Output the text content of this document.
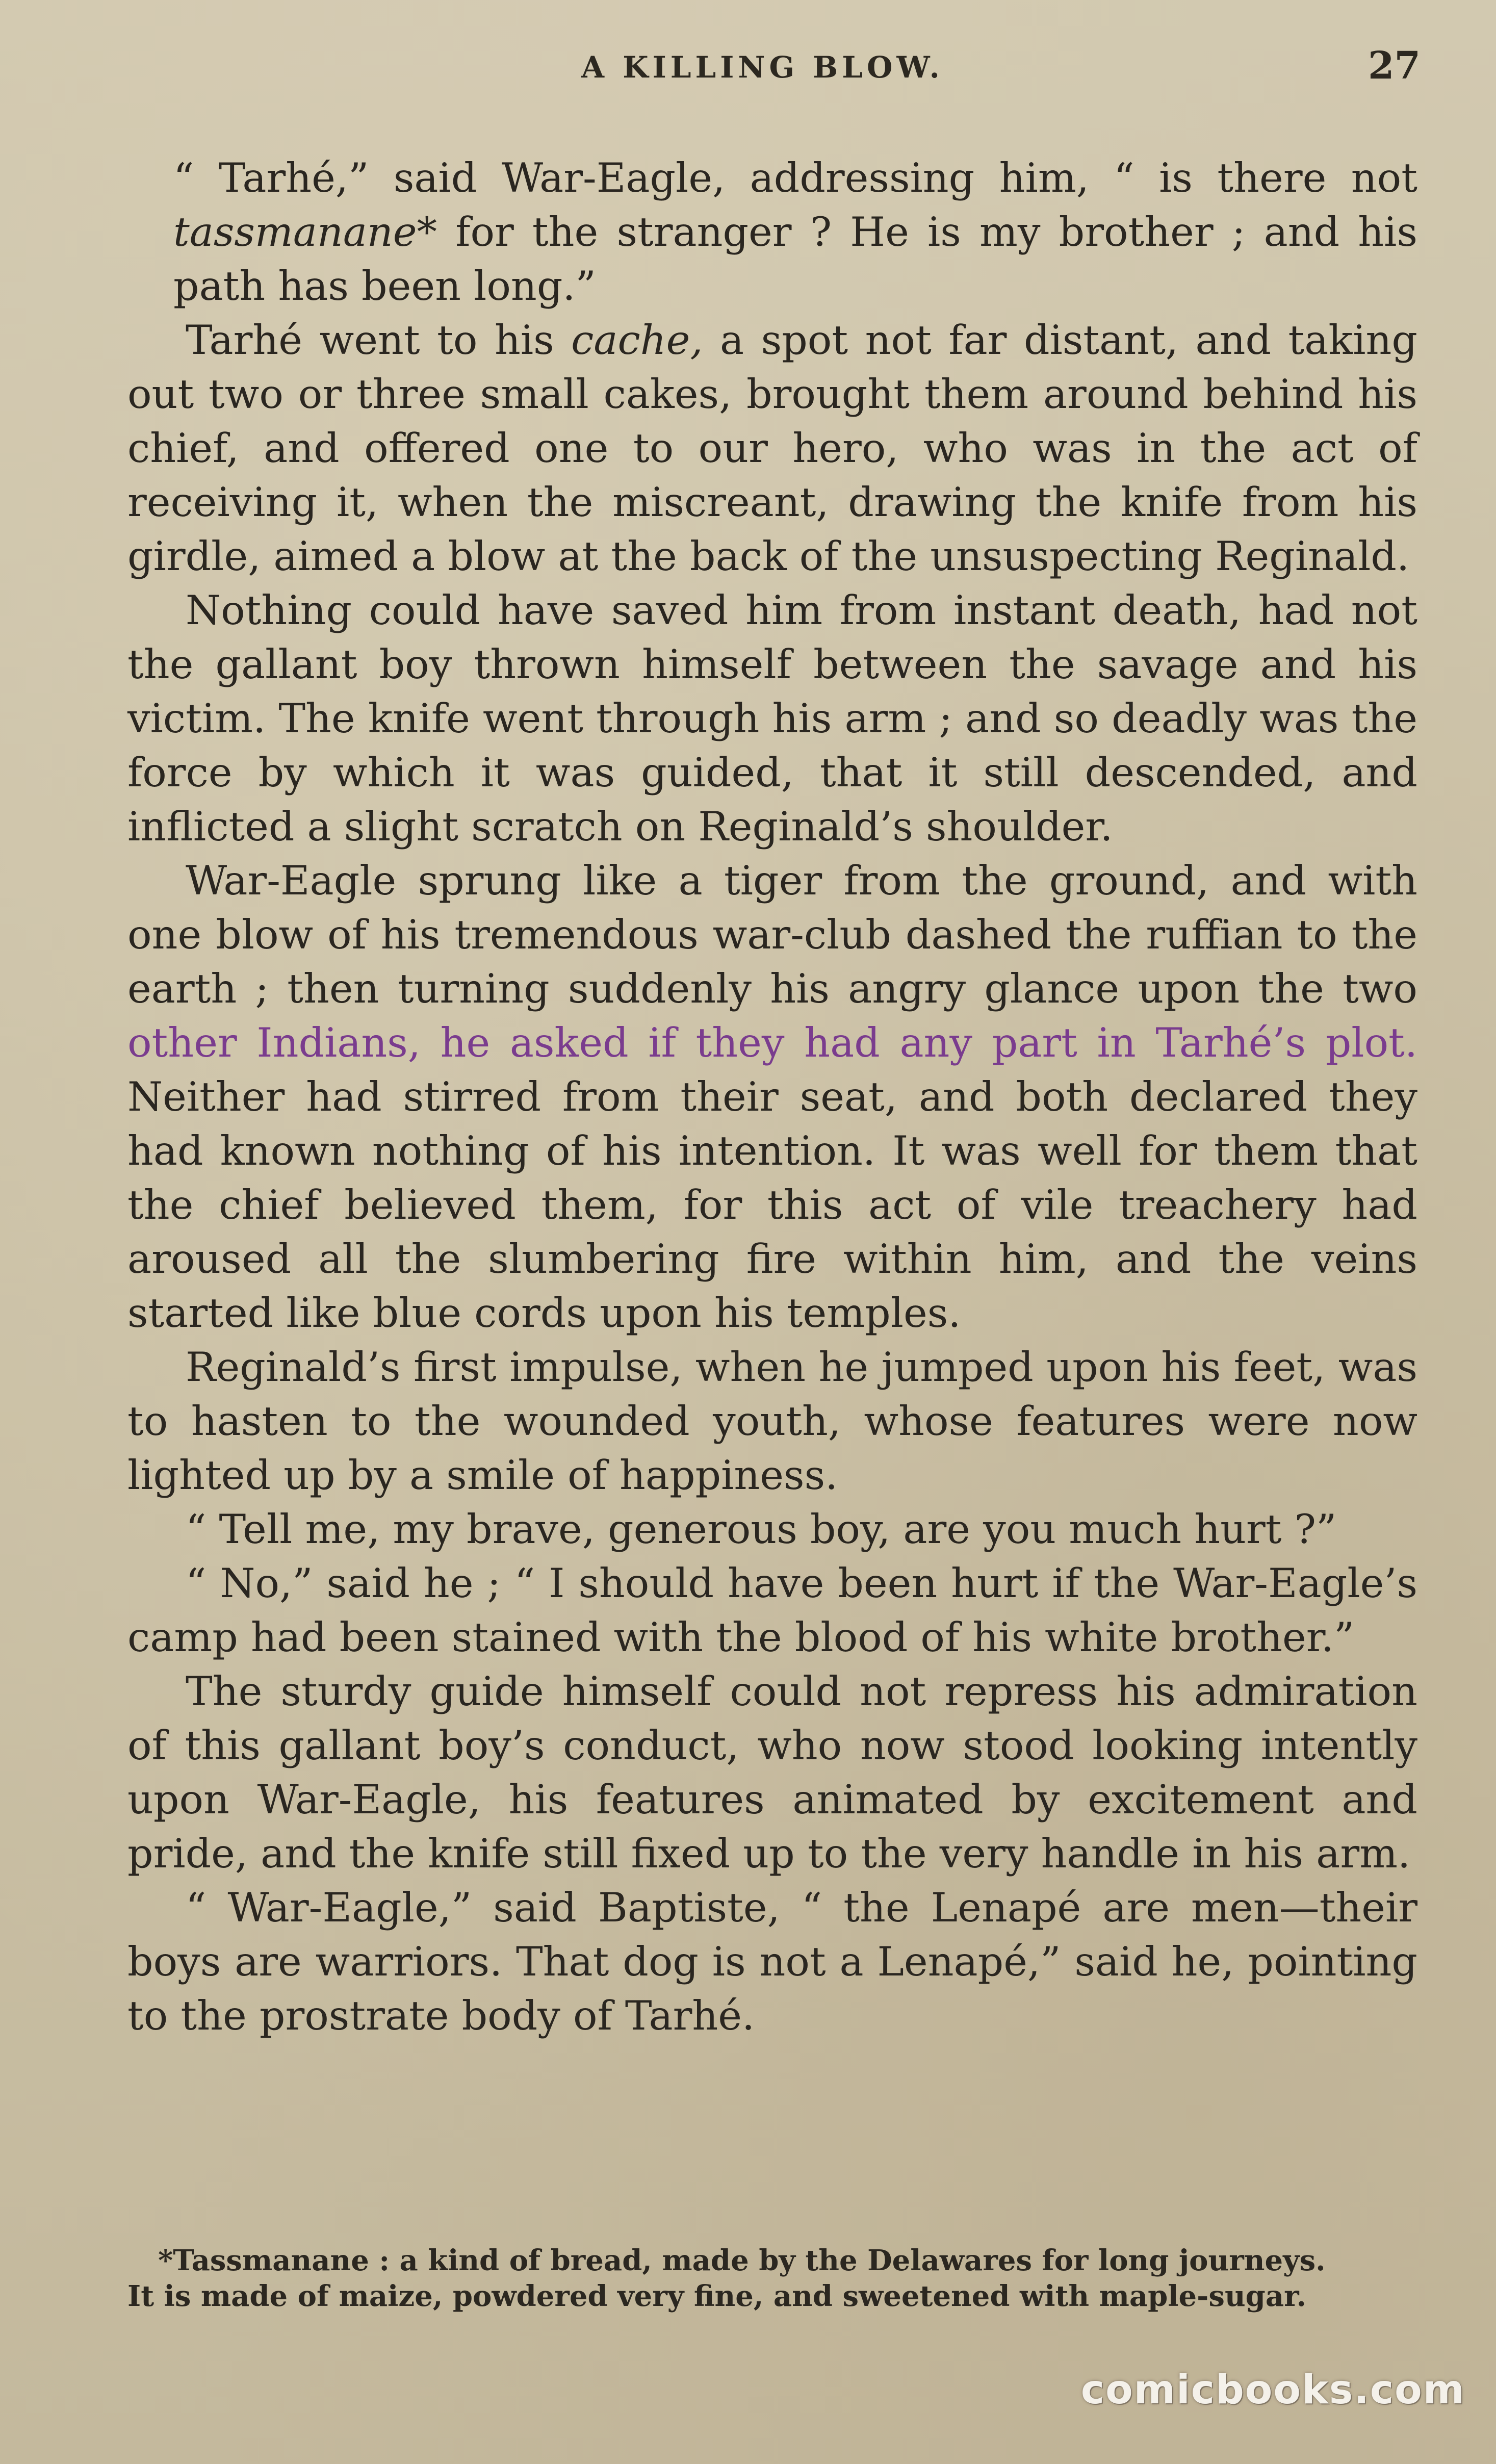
A KILLING BLOW.	27

“ Tarhé,” said War-Eagle, addressing him, “ is there not tassmanane* for the stranger ? He is my brother ; and his path has been long.”

Tarhé went to his cache, a spot not far distant, and taking out two or three small cakes, brought them around behind his chief, and offered one to our hero, who was in the act of receiving it, when the miscreant, drawing the knife from his girdle, aimed a blow at the back of the unsuspecting Reginald.

Nothing could have saved him from instant death, had not the gallant boy thrown himself between the savage and his victim. The knife went through his arm ; and so deadly was the force by which it was guided, that it still descended, and inflicted a slight scratch on Reginald’s shoulder.

War-Eagle sprung like a tiger from the ground, and with one blow of his tremendous war-club dashed the ruffian to the earth ; then turning suddenly his angry glance upon the two other Indians, he asked if they had any part in Tarhé’s plot. Neither had stirred from their seat, and both declared they had known nothing of his intention. It was well for them that the chief believed them, for this act of vile treachery had aroused all the slumbering fire within him, and the veins started like blue cords upon his temples.

Reginald’s first impulse, when he jumped upon his feet, was to hasten to the wounded youth, whose features were now lighted up by a smile of happiness.

“ Tell me, my brave, generous boy, are you much hurt ?”

“ No,” said he ; “ I should have been hurt if the War-Eagle’s camp had been stained with the blood of his white brother.”

The sturdy guide himself could not repress his admiration of this gallant boy’s conduct, who now stood looking intently upon War-Eagle, his features animated by excitement and pride, and the knife still fixed up to the very handle in his arm.

“ War-Eagle,” said Baptiste, “ the Lenapé are men—their boys are warriors. That dog is not a Lenapé,” said he, pointing to the prostrate body of Tarhé.

*Tassmanane : a kind of bread, made by the Delawares for long journeys.
It is made of maize, powdered very fine, and sweetened with maple-sugar.
comicbooks.com
